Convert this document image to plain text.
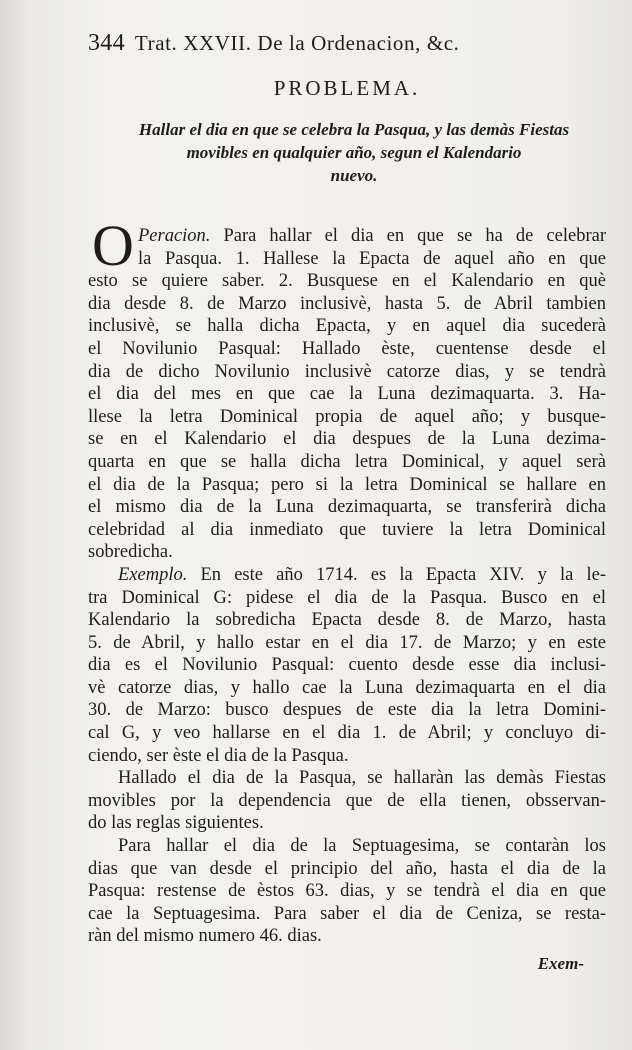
344 Trat. XXVII. De la Ordenacion, &c.
PROBLEMA.
Hallar el dia en que se celebra la Pasqua, y las demàs Fiestas
movibles en qualquier año, segun el Kalendario
nuevo.
O Peracion. Para hallar el dia en que se ha de celebrar
la Pasqua. 1. Hallese la Epacta de aquel año en que
esto se quiere saber. 2. Busquese en el Kalendario en què
dia desde 8. de Marzo inclusivè, hasta 5. de Abril tambien
inclusivè, se halla dicha Epacta, y en aquel dia sucederà
el Novilunio Pasqual: Hallado èste, cuentense desde el
dia de dicho Novilunio inclusivè catorze dias, y se tendrà
el dia del mes en que cae la Luna dezimaquarta. 3. Ha-
llese la letra Dominical propia de aquel año; y busque-
se en el Kalendario el dia despues de la Luna dezima-
quarta en que se halla dicha letra Dominical, y aquel serà
el dia de la Pasqua; pero si la letra Dominical se hallare en
el mismo dia de la Luna dezimaquarta, se transferirà dicha
celebridad al dia inmediato que tuviere la letra Dominical
sobredicha.
Exemplo. En este año 1714. es la Epacta XIV. y la le-
tra Dominical G: pidese el dia de la Pasqua. Busco en el
Kalendario la sobredicha Epacta desde 8. de Marzo, hasta
5. de Abril, y hallo estar en el dia 17. de Marzo; y en este
dia es el Novilunio Pasqual: cuento desde esse dia inclusi-
vè catorze dias, y hallo cae la Luna dezimaquarta en el dia
30. de Marzo: busco despues de este dia la letra Domini-
cal G, y veo hallarse en el dia 1. de Abril; y concluyo di-
ciendo, ser èste el dia de la Pasqua.
Hallado el dia de la Pasqua, se hallaràn las demàs Fiestas
movibles por la dependencia que de ella tienen, obsservan-
do las reglas siguientes.
Para hallar el dia de la Septuagesima, se contaràn los
dias que van desde el principio del año, hasta el dia de la
Pasqua: restense de èstos 63. dias, y se tendrà el dia en que
cae la Septuagesima. Para saber el dia de Ceniza, se resta-
ràn del mismo numero 46. dias.
Exem-
